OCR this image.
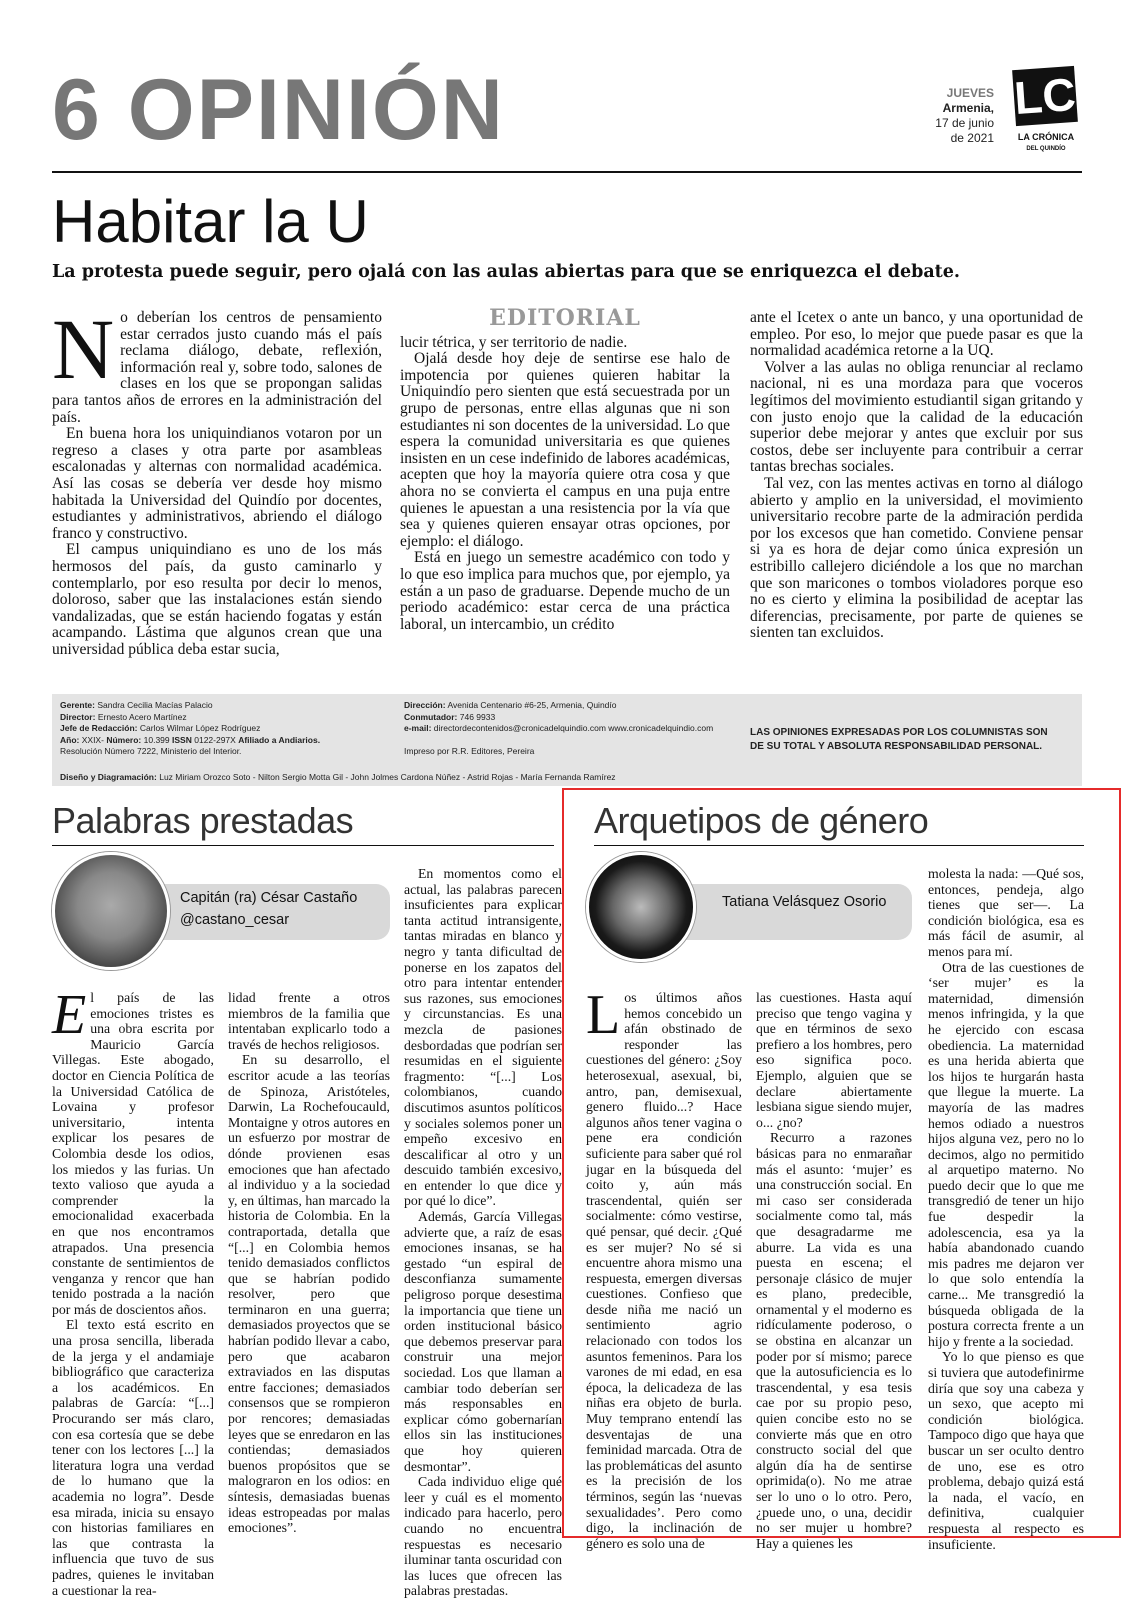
6 OPINIÓN	JUEVES
Armenia,
17 de junio
de 2021
LC
LA CRÓNICA
DEL QUINDÍO
Habitar la U
La protesta puede seguir, pero ojalá con las aulas abiertas para que se enriquezca el debate.

No deberían los centros de pensamiento estar cerrados justo cuando más el país reclama diálogo, debate, reflexión, información real y, sobre todo, salones de clases en los que se propongan salidas para tantos años de errores en la administración del país.

En buena hora los uniquindianos votaron por un regreso a clases y otra parte por asambleas escalonadas y alternas con normalidad académica. Así las cosas se debería ver desde hoy mismo habitada la Universidad del Quindío por docentes, estudiantes y administrativos, abriendo el diálogo franco y constructivo.

El campus uniquindiano es uno de los más hermosos del país, da gusto caminarlo y contemplarlo, por eso resulta por decir lo menos, doloroso, saber que las instalaciones están siendo vandalizadas, que se están haciendo fogatas y están acampando. Lástima que algunos crean que una universidad pública deba estar sucia,

EDITORIAL

lucir tétrica, y ser territorio de nadie.

Ojalá desde hoy deje de sentirse ese halo de impotencia por quienes quieren habitar la Uniquindío pero sienten que está secuestrada por un grupo de personas, entre ellas algunas que ni son estudiantes ni son docentes de la universidad. Lo que espera la comunidad universitaria es que quienes insisten en un cese indefinido de labores académicas, acepten que hoy la mayoría quiere otra cosa y que ahora no se convierta el campus en una puja entre quienes le apuestan a una resistencia por la vía que sea y quienes quieren ensayar otras opciones, por ejemplo: el diálogo.

Está en juego un semestre académico con todo y lo que eso implica para muchos que, por ejemplo, ya están a un paso de graduarse. Depende mucho de un periodo académico: estar cerca de una práctica laboral, un intercambio, un crédito

ante el Icetex o ante un banco, y una oportunidad de empleo. Por eso, lo mejor que puede pasar es que la normalidad académica retorne a la UQ.

Volver a las aulas no obliga renunciar al reclamo nacional, ni es una mordaza para que voceros legítimos del movimiento estudiantil sigan gritando y con justo enojo que la calidad de la educación superior debe mejorar y antes que excluir por sus costos, debe ser incluyente para contribuir a cerrar tantas brechas sociales.

Tal vez, con las mentes activas en torno al diálogo abierto y amplio en la universidad, el movimiento universitario recobre parte de la admiración perdida por los excesos que han cometido. Conviene pensar si ya es hora de dejar como única expresión un estribillo callejero diciéndole a los que no marchan que son maricones o tombos violadores porque eso no es cierto y elimina la posibilidad de aceptar las diferencias, precisamente, por parte de quienes se sienten tan excluidos.

Gerente: Sandra Cecilia Macías Palacio
Director: Ernesto Acero Martínez
Jefe de Redacción: Carlos Wilmar López Rodríguez
Año: XXIX- Número: 10.399 ISSN 0122-297X Afiliado a Andiarios.
Resolución Número 7222, Ministerio del Interior.
Dirección: Avenida Centenario #6-25, Armenia, Quindío
Conmutador: 746 9933
e-mail: directordecontenidos@cronicadelquindio.com www.cronicadelquindio.com

Impreso por R.R. Editores, Pereira
LAS OPINIONES EXPRESADAS POR LOS COLUMNISTAS SON DE SU TOTAL Y ABSOLUTA RESPONSABILIDAD PERSONAL.
Diseño y Diagramación: Luz Miriam Orozco Soto - Nilton Sergio Motta Gil - John Jolmes Cardona Núñez - Astrid Rojas - María Fernanda Ramírez
Palabras prestadas
Capitán (ra) César Castaño
@castano_cesar

El país de las emociones tristes es una obra escrita por Mauricio García Villegas. Este abogado, doctor en Ciencia Política de la Universidad Católica de Lovaina y profesor universitario, intenta explicar los pesares de Colombia desde los odios, los miedos y las furias. Un texto valioso que ayuda a comprender la emocionalidad exacerbada en que nos encontramos atrapados. Una presencia constante de sentimientos de venganza y rencor que han tenido postrada a la nación por más de doscientos años.

El texto está escrito en una prosa sencilla, liberada de la jerga y el andamiaje bibliográfico que caracteriza a los académicos. En palabras de García: “[...] Procurando ser más claro, con esa cortesía que se debe tener con los lectores [...] la literatura logra una verdad de lo humano que la academia no logra”. Desde esa mirada, inicia su ensayo con historias familiares en las que contrasta la influencia que tuvo de sus padres, quienes le invitaban a cuestionar la rea-

lidad frente a otros miembros de la familia que intentaban explicarlo todo a través de hechos religiosos.

En su desarrollo, el escritor acude a las teorías de Spinoza, Aristóteles, Darwin, La Rochefoucauld, Montaigne y otros autores en un esfuerzo por mostrar de dónde provienen esas emociones que han afectado al individuo y a la sociedad y, en últimas, han marcado la historia de Colombia. En la contraportada, detalla que “[...] en Colombia hemos tenido demasiados conflictos que se habrían podido resolver, pero que terminaron en una guerra; demasiados proyectos que se habrían podido llevar a cabo, pero que acabaron extraviados en las disputas entre facciones; demasiados consensos que se rompieron por rencores; demasiadas leyes que se enredaron en las contiendas; demasiados buenos propósitos que se malograron en los odios: en síntesis, demasiadas buenas ideas estropeadas por malas emociones”.

En momentos como el actual, las palabras parecen insuficientes para explicar tanta actitud intransigente, tantas miradas en blanco y negro y tanta dificultad de ponerse en los zapatos del otro para intentar entender sus razones, sus emociones y circunstancias. Es una mezcla de pasiones desbordadas que podrían ser resumidas en el siguiente fragmento: “[...] Los colombianos, cuando discutimos asuntos políticos y sociales solemos poner un empeño excesivo en descalificar al otro y un descuido también excesivo, en entender lo que dice y por qué lo dice”.

Además, García Villegas advierte que, a raíz de esas emociones insanas, se ha gestado “un espiral de desconfianza sumamente peligroso porque desestima la importancia que tiene un orden institucional básico que debemos preservar para construir una mejor sociedad. Los que llaman a cambiar todo deberían ser más responsables en explicar cómo gobernarían ellos sin las instituciones que hoy quieren desmontar”.

Cada individuo elige qué leer y cuál es el momento indicado para hacerlo, pero cuando no encuentra respuestas es necesario iluminar tanta oscuridad con las luces que ofrecen las palabras prestadas.

Arquetipos de género
Tatiana Velásquez Osorio

Los últimos años hemos concebido un afán obstinado de responder las cuestiones del género: ¿Soy heterosexual, asexual, bi, antro, pan, demisexual, genero fluido...? Hace algunos años tener vagina o pene era condición suficiente para saber qué rol jugar en la búsqueda del coito y, aún más trascendental, quién ser socialmente: cómo vestirse, qué pensar, qué decir. ¿Qué es ser mujer? No sé si encuentre ahora mismo una respuesta, emergen diversas cuestiones. Confieso que desde niña me nació un sentimiento agrio relacionado con todos los asuntos femeninos. Para los varones de mi edad, en esa época, la delicadeza de las niñas era objeto de burla. Muy temprano entendí las desventajas de una feminidad marcada. Otra de las problemáticas del asunto es la precisión de los términos, según las ‘nuevas sexualidades’. Pero como digo, la inclinación de género es solo una de

las cuestiones. Hasta aquí preciso que tengo vagina y que en términos de sexo prefiero a los hombres, pero eso significa poco. Ejemplo, alguien que se declare abiertamente lesbiana sigue siendo mujer, o... ¿no?

Recurro a razones básicas para no enmarañar más el asunto: ‘mujer’ es una construcción social. En mi caso ser considerada socialmente como tal, más que desagradarme me aburre. La vida es una puesta en escena; el personaje clásico de mujer es plano, predecible, ornamental y el moderno es ridículamente poderoso, o se obstina en alcanzar un poder por sí mismo; parece que la autosuficiencia es lo trascendental, y esa tesis cae por su propio peso, quien concibe esto no se convierte más que en otro constructo social del que algún día ha de sentirse oprimida(o). No me atrae ser lo uno o lo otro. Pero, ¿puede uno, o una, decidir no ser mujer u hombre? Hay a quienes les

molesta la nada: —Qué sos, entonces, pendeja, algo tienes que ser—. La condición biológica, esa es más fácil de asumir, al menos para mí.

Otra de las cuestiones de ‘ser mujer’ es la maternidad, dimensión menos infringida, y la que he ejercido con escasa obediencia. La maternidad es una herida abierta que los hijos te hurgarán hasta que llegue la muerte. La mayoría de las madres hemos odiado a nuestros hijos alguna vez, pero no lo decimos, algo no permitido al arquetipo materno. No puedo decir que lo que me transgredió de tener un hijo fue despedir la adolescencia, esa ya la había abandonado cuando mis padres me dejaron ver lo que solo entendía la carne... Me transgredió la búsqueda obligada de la postura correcta frente a un hijo y frente a la sociedad.

Yo lo que pienso es que si tuviera que autodefinirme diría que soy una cabeza y un sexo, que acepto mi condición biológica. Tampoco digo que haya que buscar un ser oculto dentro de uno, ese es otro problema, debajo quizá está la nada, el vacío, en definitiva, cualquier respuesta al respecto es insuficiente.
